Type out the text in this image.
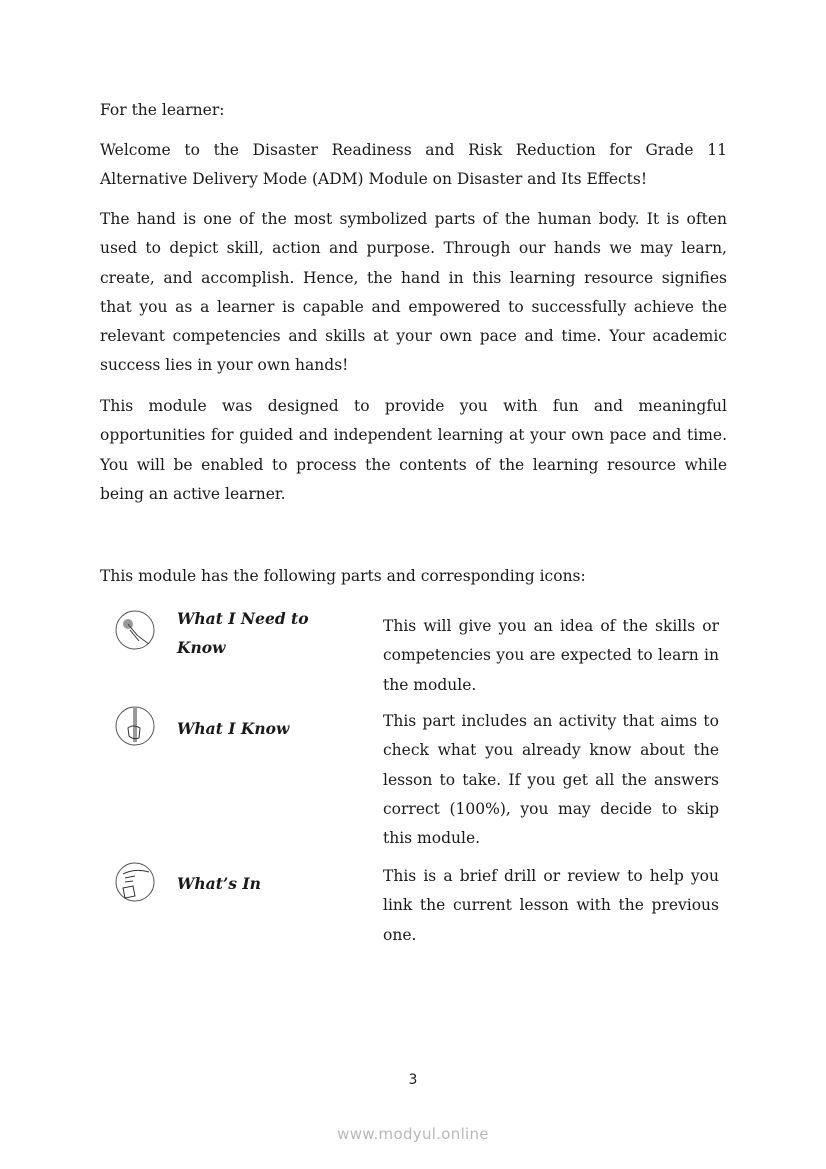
For the learner:

Welcome to the Disaster Readiness and Risk Reduction for Grade 11 Alternative Delivery Mode (ADM) Module on Disaster and Its Effects!

The hand is one of the most symbolized parts of the human body. It is often used to depict skill, action and purpose. Through our hands we may learn, create, and accomplish. Hence, the hand in this learning resource signifies that you as a learner is capable and empowered to successfully achieve the relevant competencies and skills at your own pace and time. Your academic success lies in your own hands!

This module was designed to provide you with fun and meaningful opportunities for guided and independent learning at your own pace and time. You will be enabled to process the contents of the learning resource while being an active learner.

This module has the following parts and corresponding icons:
What I Need to Know
This will give you an idea of the skills or competencies you are expected to learn in the module.
What I Know	This part includes an activity that aims to check what you already know about the lesson to take. If you get all the answers correct (100%), you may decide to skip this module.
What’s In	This is a brief drill or review to help you link the current lesson with the previous one.
3
www.modyul.online
